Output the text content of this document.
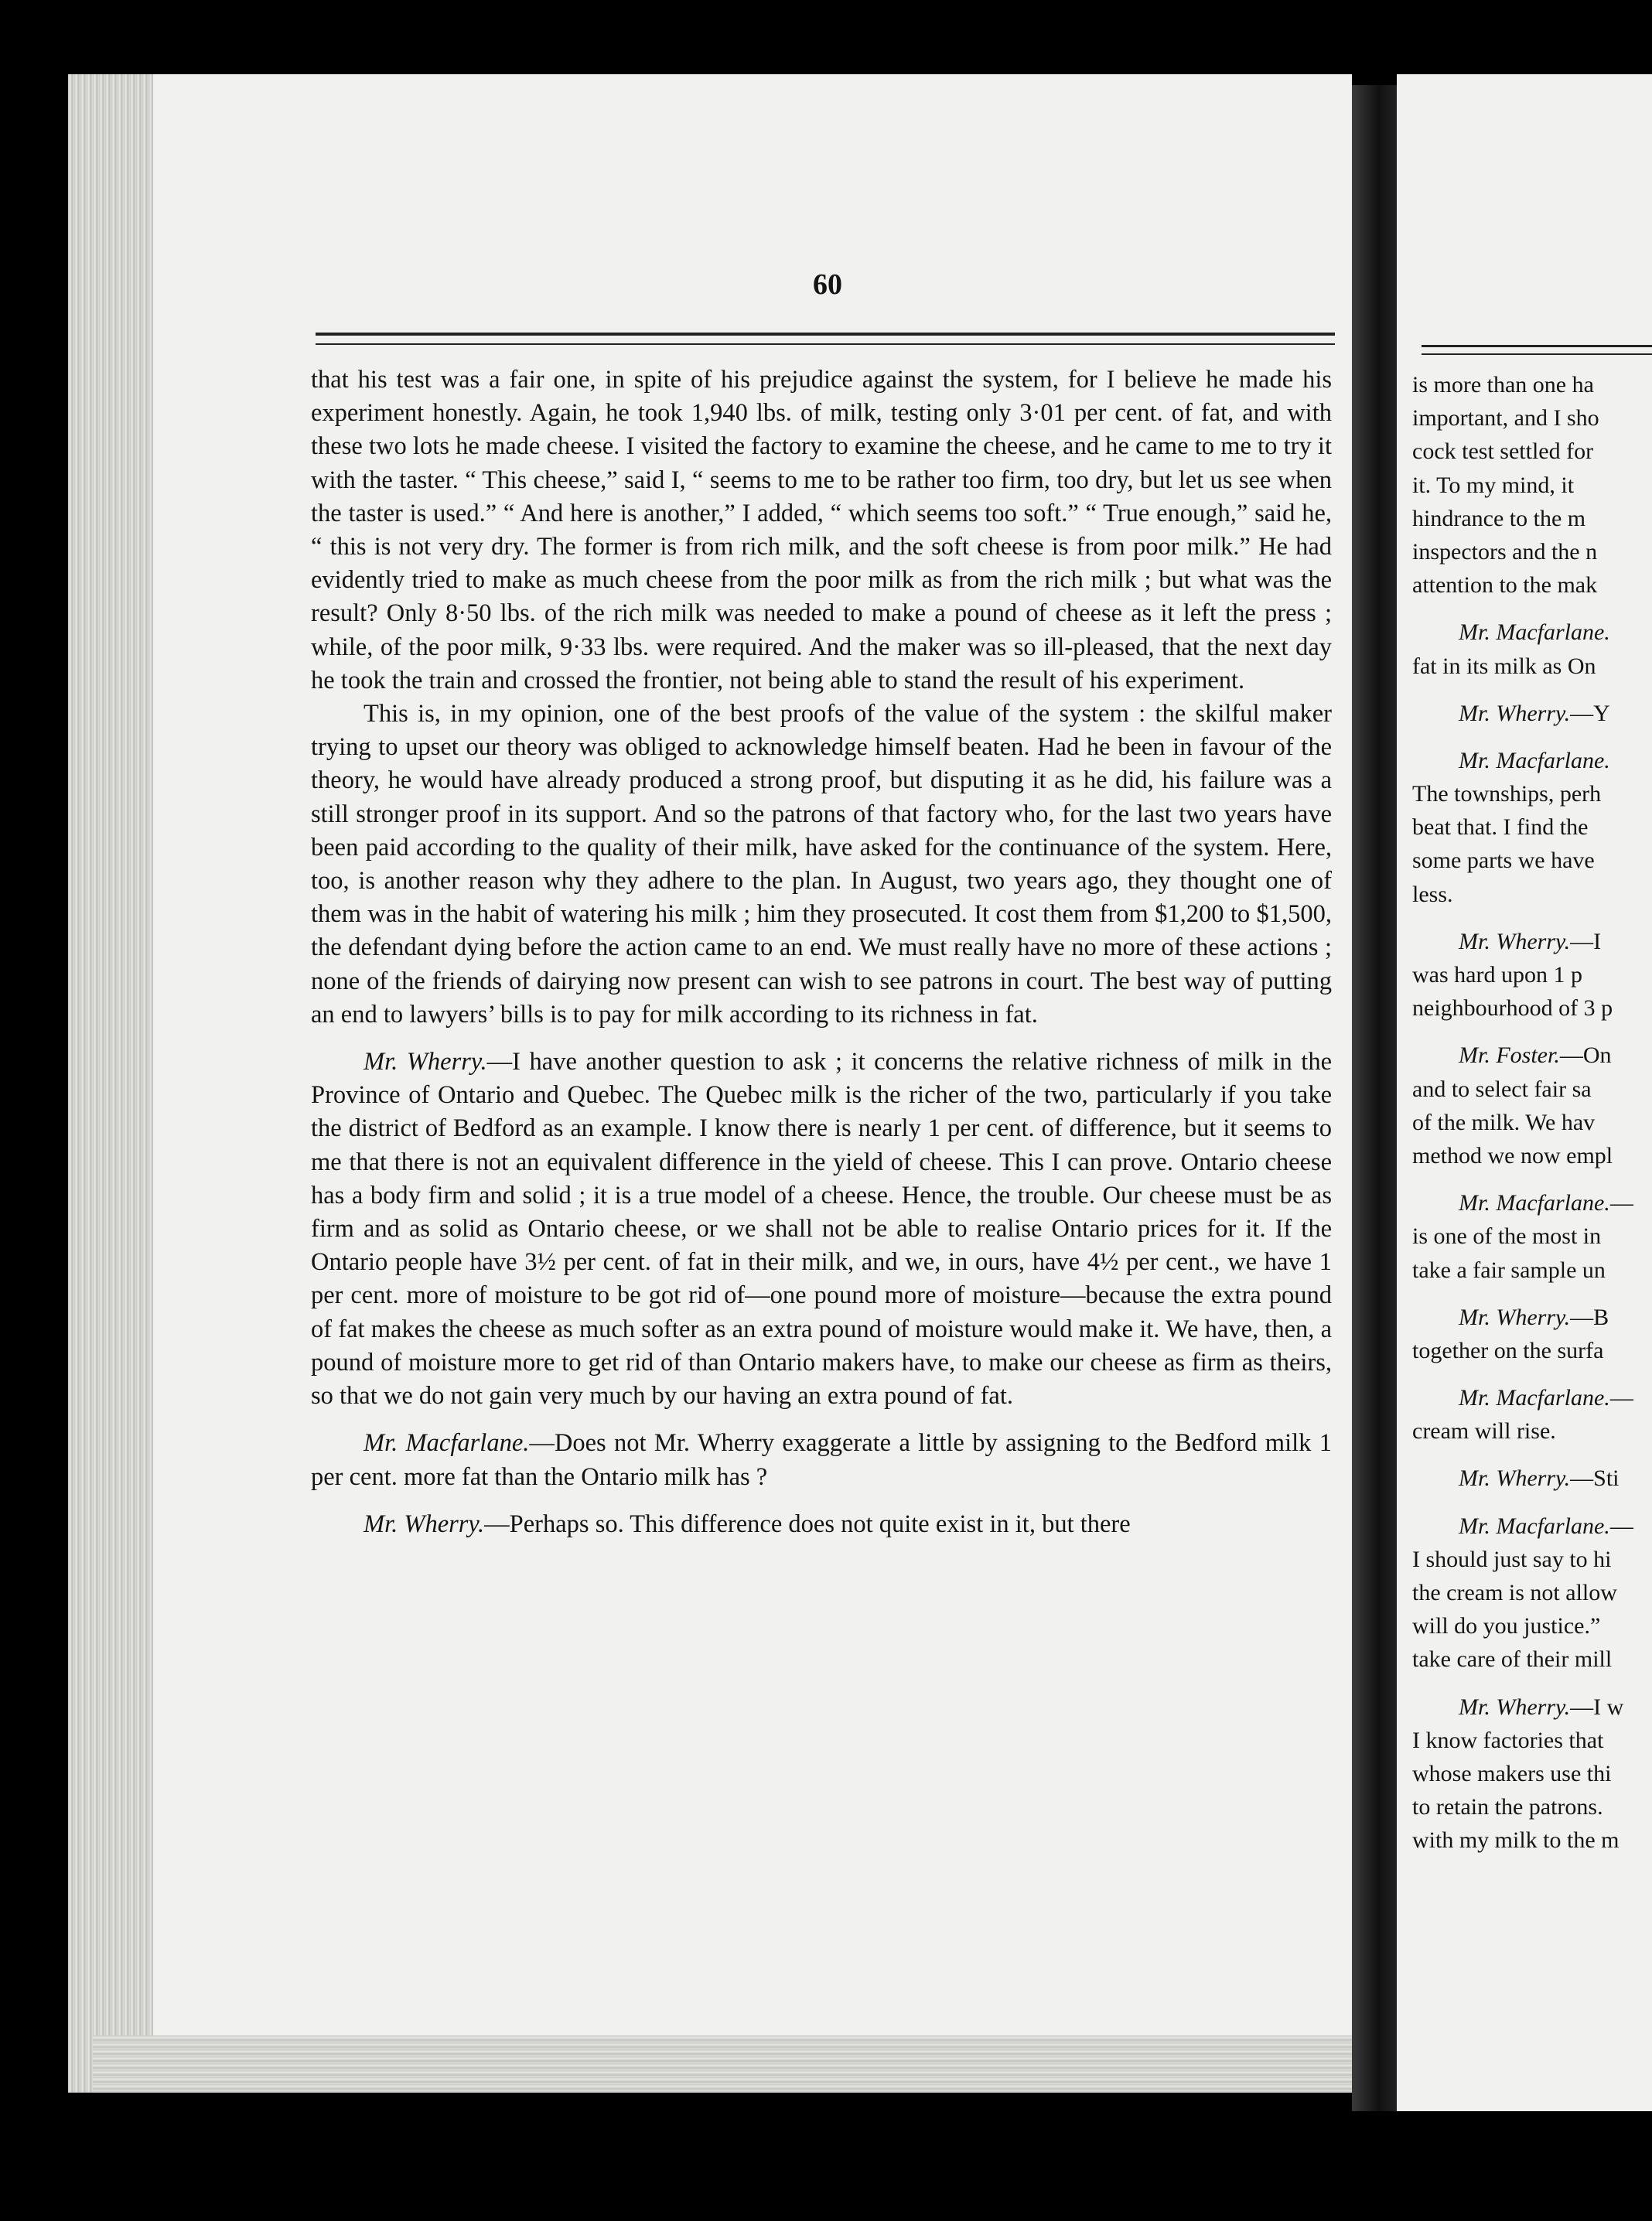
60

that his test was a fair one, in spite of his prejudice against the system, for I believe he made his experiment honestly. Again, he took 1,940 lbs. of milk, testing only 3·01 per cent. of fat, and with these two lots he made cheese. I visited the factory to examine the cheese, and he came to me to try it with the taster. “ This cheese,” said I, “ seems to me to be rather too firm, too dry, but let us see when the taster is used.” “ And here is another,” I added, “ which seems too soft.” “ True enough,” said he, “ this is not very dry. The former is from rich milk, and the soft cheese is from poor milk.” He had evidently tried to make as much cheese from the poor milk as from the rich milk ; but what was the result? Only 8·50 lbs. of the rich milk was needed to make a pound of cheese as it left the press ; while, of the poor milk, 9·33 lbs. were required. And the maker was so ill-pleased, that the next day he took the train and crossed the frontier, not being able to stand the result of his experiment.

This is, in my opinion, one of the best proofs of the value of the system : the skilful maker trying to upset our theory was obliged to acknowledge himself beaten. Had he been in favour of the theory, he would have already produced a strong proof, but disputing it as he did, his failure was a still stronger proof in its support. And so the patrons of that factory who, for the last two years have been paid according to the quality of their milk, have asked for the continuance of the system. Here, too, is another reason why they adhere to the plan. In August, two years ago, they thought one of them was in the habit of watering his milk ; him they prosecuted. It cost them from $1,200 to $1,500, the defendant dying before the action came to an end. We must really have no more of these actions ; none of the friends of dairying now present can wish to see patrons in court. The best way of putting an end to lawyers’ bills is to pay for milk according to its richness in fat.

Mr. Wherry.—I have another question to ask ; it concerns the relative richness of milk in the Province of Ontario and Quebec. The Quebec milk is the richer of the two, particularly if you take the district of Bedford as an example. I know there is nearly 1 per cent. of difference, but it seems to me that there is not an equivalent difference in the yield of cheese. This I can prove. Ontario cheese has a body firm and solid ; it is a true model of a cheese. Hence, the trouble. Our cheese must be as firm and as solid as Ontario cheese, or we shall not be able to realise Ontario prices for it. If the Ontario people have 3½ per cent. of fat in their milk, and we, in ours, have 4½ per cent., we have 1 per cent. more of moisture to be got rid of—one pound more of moisture—because the extra pound of fat makes the cheese as much softer as an extra pound of moisture would make it. We have, then, a pound of moisture more to get rid of than Ontario makers have, to make our cheese as firm as theirs, so that we do not gain very much by our having an extra pound of fat.

Mr. Macfarlane.—Does not Mr. Wherry exaggerate a little by assigning to the Bedford milk 1 per cent. more fat than the Ontario milk has ?

Mr. Wherry.—Perhaps so. This difference does not quite exist in it, but there

is more than one ha
important, and I sho
cock test settled for
it. To my mind, it
hindrance to the m
inspectors and the n
attention to the mak
Mr. Macfarlane.
fat in its milk as On
Mr. Wherry.—Y
Mr. Macfarlane.
The townships, perh
beat that. I find the
some parts we have
less.
Mr. Wherry.—I
was hard upon 1 p
neighbourhood of 3 p
Mr. Foster.—On
and to select fair sa
of the milk. We hav
method we now empl
Mr. Macfarlane.—
is one of the most in
take a fair sample un
Mr. Wherry.—B
together on the surfa
Mr. Macfarlane.—
cream will rise.
Mr. Wherry.—Sti
Mr. Macfarlane.—
I should just say to hi
the cream is not allow
will do you justice.”
take care of their mill
Mr. Wherry.—I w
I know factories that
whose makers use thi
to retain the patrons.
with my milk to the m
